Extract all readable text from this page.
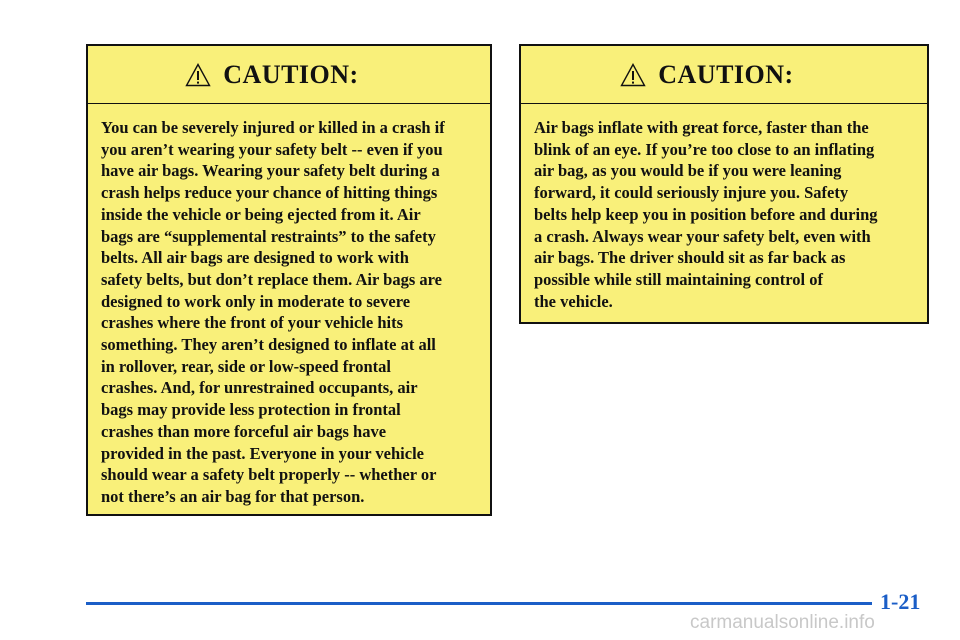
CAUTION:
You can be severely injured or killed in a crash if
you aren’t wearing your safety belt -- even if you
have air bags. Wearing your safety belt during a
crash helps reduce your chance of hitting things
inside the vehicle or being ejected from it. Air
bags are “supplemental restraints” to the safety
belts. All air bags are designed to work with
safety belts, but don’t replace them. Air bags are
designed to work only in moderate to severe
crashes where the front of your vehicle hits
something. They aren’t designed to inflate at all
in rollover, rear, side or low-speed frontal
crashes. And, for unrestrained occupants, air
bags may provide less protection in frontal
crashes than more forceful air bags have
provided in the past. Everyone in your vehicle
should wear a safety belt properly -- whether or
not there’s an air bag for that person.
CAUTION:
Air bags inflate with great force, faster than the
blink of an eye. If you’re too close to an inflating
air bag, as you would be if you were leaning
forward, it could seriously injure you. Safety
belts help keep you in position before and during
a crash. Always wear your safety belt, even with
air bags. The driver should sit as far back as
possible while still maintaining control of
the vehicle.
1-21
carmanualsonline.info
